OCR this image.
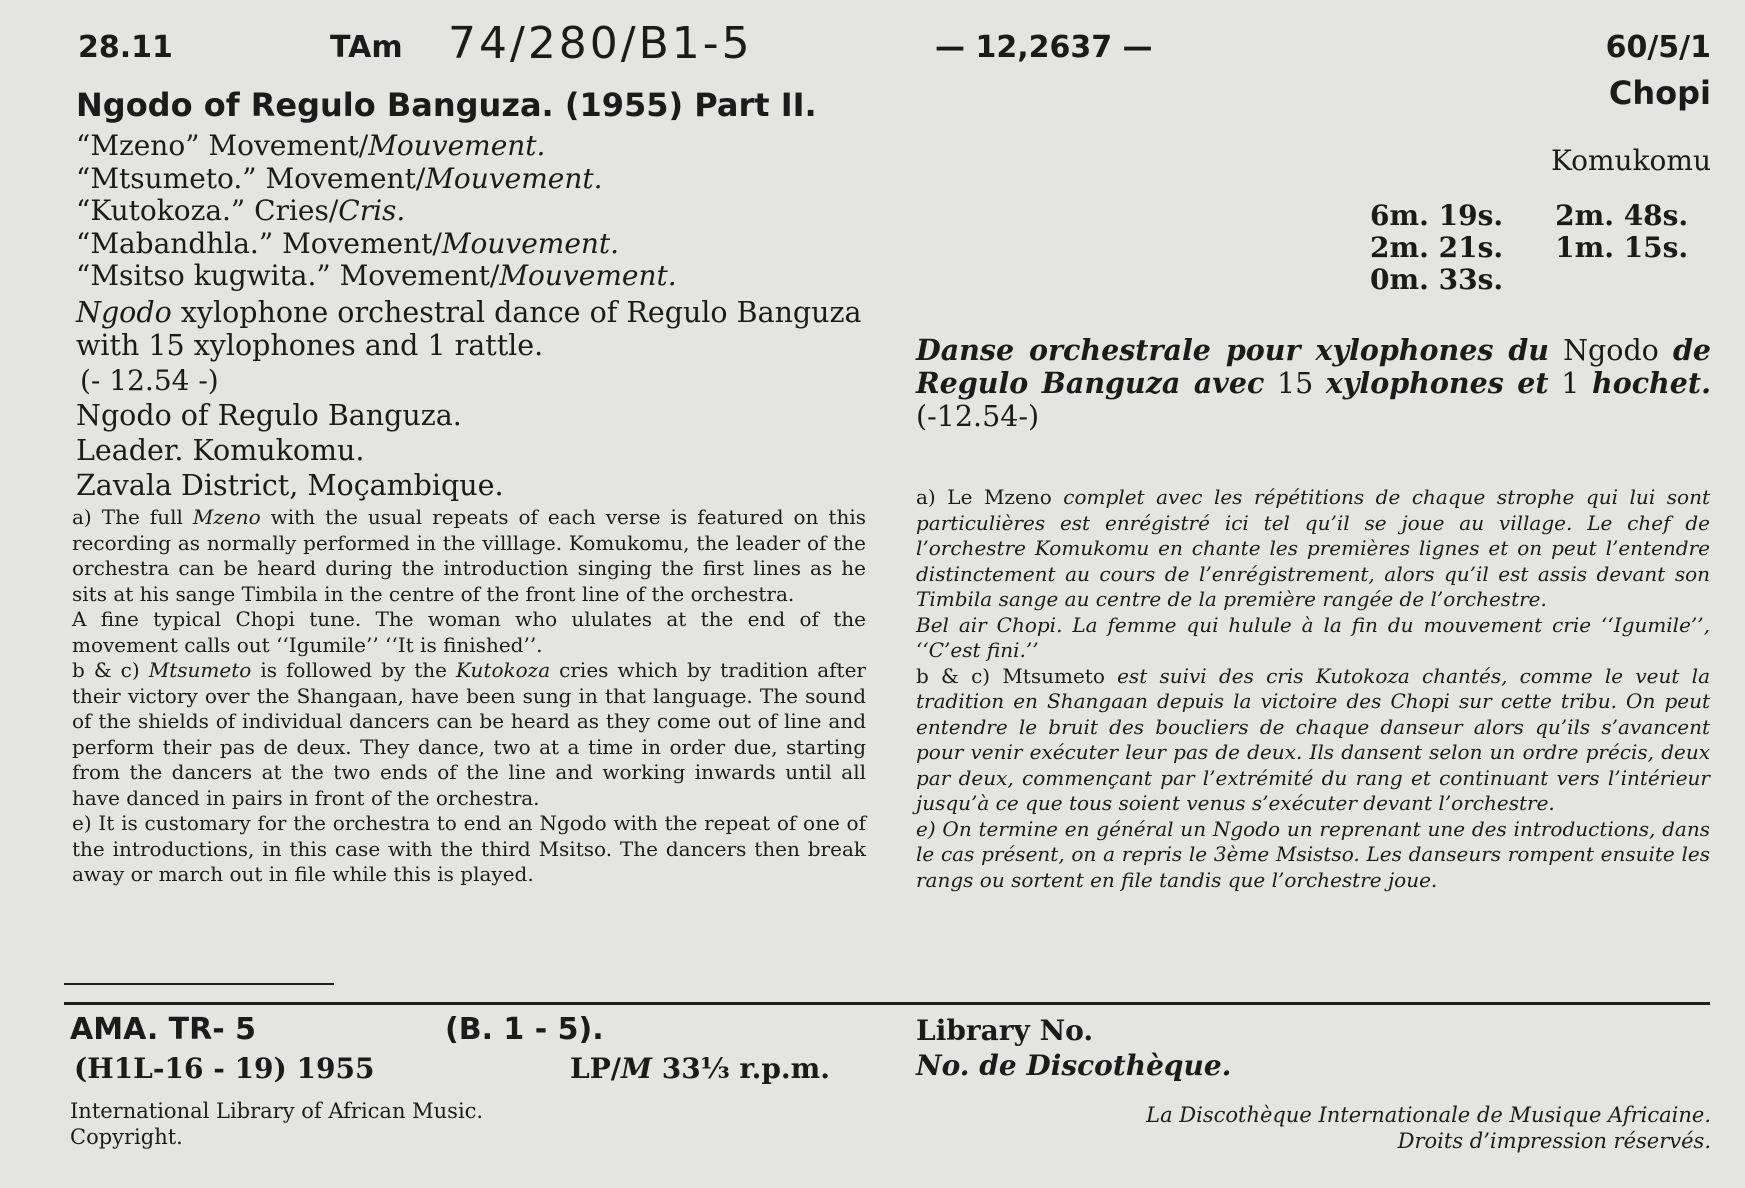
28.11	TAm 74/280/B1-5	— 12,2637 —	60/5/1
Chopi
Ngodo of Regulo Banguza. (1955) Part II.
“Mzeno” Movement/Mouvement.
“Mtsumeto.” Movement/Mouvement.
“Kutokoza.” Cries/Cris.
“Mabandhla.” Movement/Mouvement.
“Msitso kugwita.” Movement/Mouvement.
Ngodo xylophone orchestral dance of Regulo Banguza with 15 xylophones and 1 rattle.
(- 12.54 -)
Ngodo of Regulo Banguza.
Leader. Komukomu.
Zavala District, Moçambique.
Komukomu
6m. 19s.	2m. 48s.
2m. 21s.	1m. 15s.
0m. 33s.	
Danse orchestrale pour xylophones du Ngodo de Regulo Banguza avec 15 xylophones et 1 hochet. (-12.54-)

a) The full Mzeno with the usual repeats of each verse is featured on this recording as normally performed in the villlage. Komukomu, the leader of the orchestra can be heard during the introduction singing the first lines as he sits at his sange Timbila in the centre of the front line of the orchestra.

A fine typical Chopi tune. The woman who ululates at the end of the movement calls out ‘‘Igumile’’ ‘‘It is finished’’.

b & c) Mtsumeto is followed by the Kutokoza cries which by tradition after their victory over the Shangaan, have been sung in that language. The sound of the shields of individual dancers can be heard as they come out of line and perform their pas de deux. They dance, two at a time in order due, starting from the dancers at the two ends of the line and working inwards until all have danced in pairs in front of the orchestra.

e) It is customary for the orchestra to end an Ngodo with the repeat of one of the introductions, in this case with the third Msitso. The dancers then break away or march out in file while this is played.

a) Le Mzeno complet avec les répétitions de chaque strophe qui lui sont particulières est enrégistré ici tel qu’il se joue au village. Le chef de l’orchestre Komukomu en chante les premières lignes et on peut l’entendre distinctement au cours de l’enrégistrement, alors qu’il est assis devant son Timbila sange au centre de la première rangée de l’orchestre.

Bel air Chopi. La femme qui hulule à la fin du mouvement crie ‘‘Igumile’’, ‘‘C’est fini.’’

b & c) Mtsumeto est suivi des cris Kutokoza chantés, comme le veut la tradition en Shangaan depuis la victoire des Chopi sur cette tribu. On peut entendre le bruit des boucliers de chaque danseur alors qu’ils s’avancent pour venir exécuter leur pas de deux. Ils dansent selon un ordre précis, deux par deux, commençant par l’extrémité du rang et continuant vers l’intérieur jusqu’à ce que tous soient venus s’exécuter devant l’orchestre.

e) On termine en général un Ngodo un reprenant une des introductions, dans le cas présent, on a repris le 3ème Msistso. Les danseurs rompent ensuite les rangs ou sortent en file tandis que l’orchestre joue.

AMA. TR- 5	(B. 1 - 5).
(H1L-16 - 19) 1955	LP/M 33⅓ r.p.m.
Library No.
No. de Discothèque.
International Library of African Music.
Copyright.
La Discothèque Internationale de Musique Africaine.
Droits d’impression réservés.
